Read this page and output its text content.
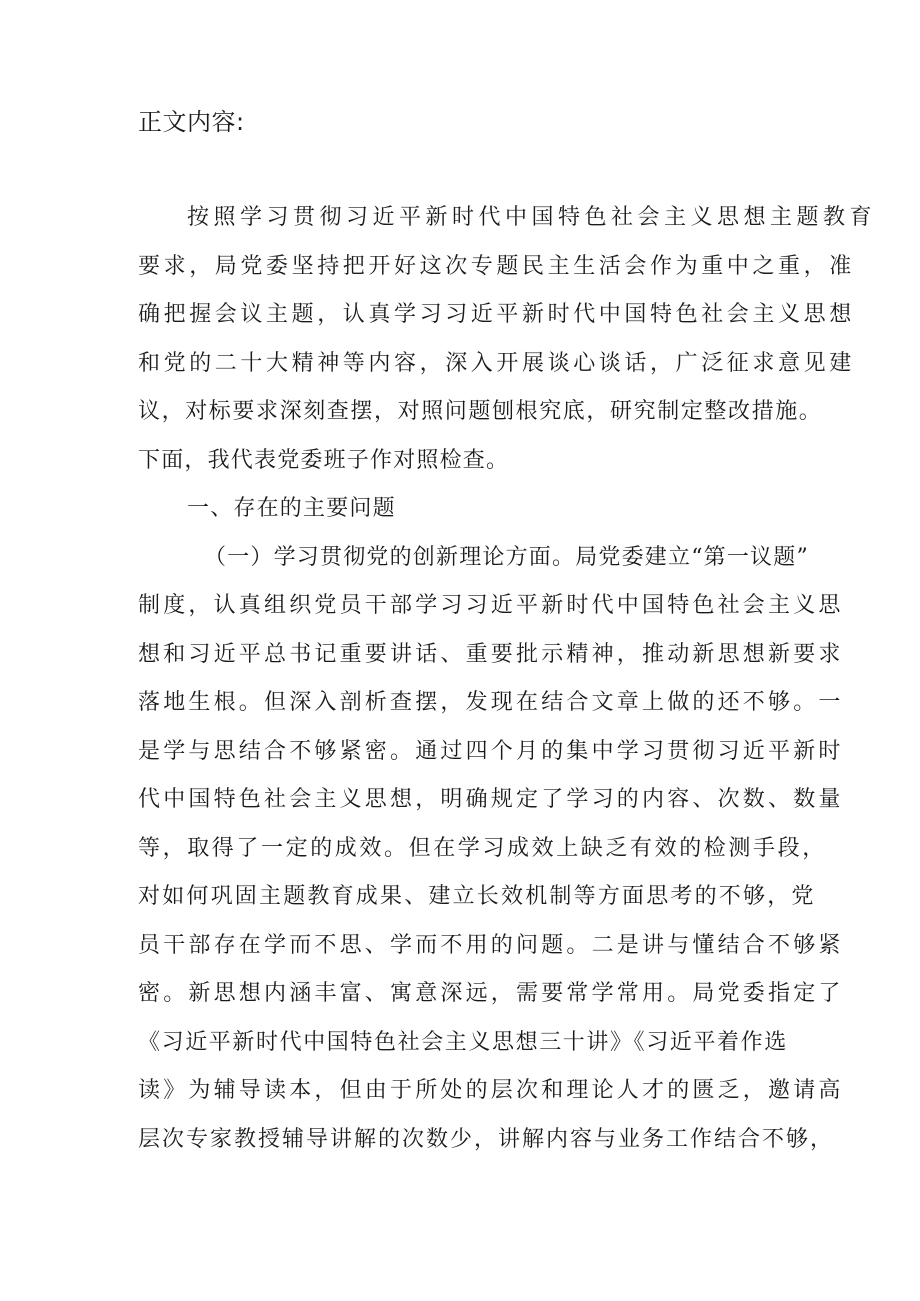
正文内容:
按照学习贯彻习近平新时代中国特色社会主义思想主题教育
要求，局党委坚持把开好这次专题民主生活会作为重中之重，准
确把握会议主题，认真学习习近平新时代中国特色社会主义思想
和党的二十大精神等内容，深入开展谈心谈话，广泛征求意见建
议，对标要求深刻查摆，对照问题刨根究底，研究制定整改措施。
下面，我代表党委班子作对照检查。
一、存在的主要问题
（一）学习贯彻党的创新理论方面。局党委建立“第一议题”
制度，认真组织党员干部学习习近平新时代中国特色社会主义思
想和习近平总书记重要讲话、重要批示精神，推动新思想新要求
落地生根。但深入剖析查摆，发现在结合文章上做的还不够。一
是学与思结合不够紧密。通过四个月的集中学习贯彻习近平新时
代中国特色社会主义思想，明确规定了学习的内容、次数、数量
等，取得了一定的成效。但在学习成效上缺乏有效的检测手段，
对如何巩固主题教育成果、建立长效机制等方面思考的不够，党
员干部存在学而不思、学而不用的问题。二是讲与懂结合不够紧
密。新思想内涵丰富、寓意深远，需要常学常用。局党委指定了
《习近平新时代中国特色社会主义思想三十讲》《习近平着作选
读》为辅导读本，但由于所处的层次和理论人才的匮乏，邀请高
层次专家教授辅导讲解的次数少，讲解内容与业务工作结合不够，
